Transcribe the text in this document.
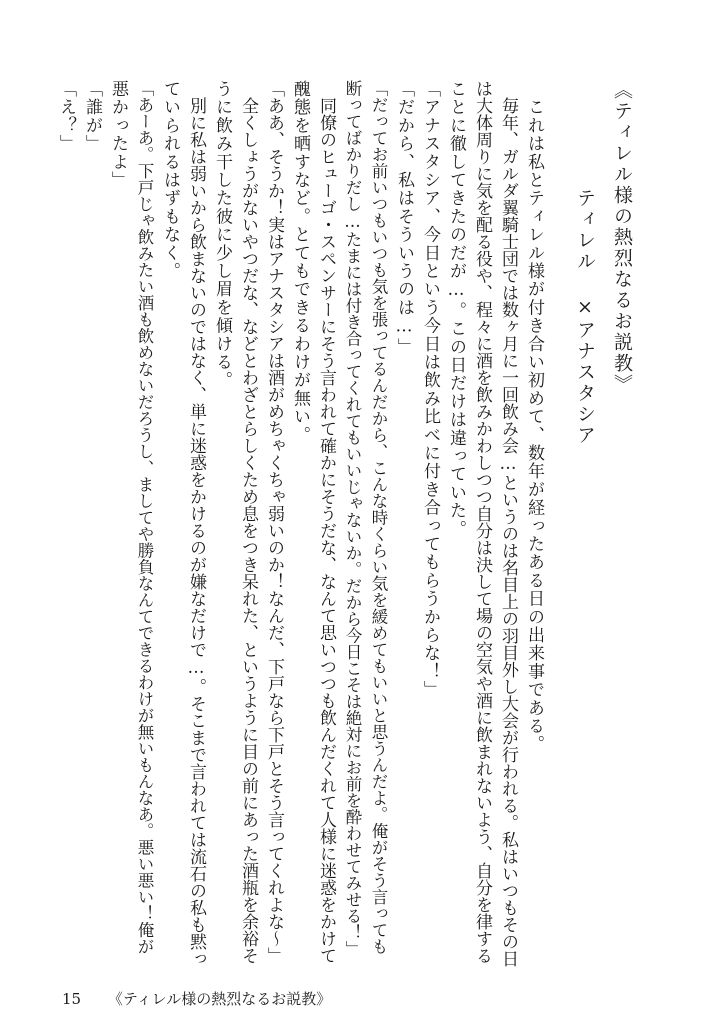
《ティレル様の熱烈なるお説教》
ティレル ×アナスタシア
　これは私とティレル様が付き合い初めて、数年が経ったある日の出来事である。
　毎年、ガルダ翼騎士団では数ヶ月に一回飲み会…というのは名目上の羽目外し大会が行われる。私はいつもその日
は大体周りに気を配る役や、程々に酒を飲みかわしつつ自分は決して場の空気や酒に飲まれないよう、自分を律する
ことに徹してきたのだが…。この日だけは違っていた。
「アナスタシア、今日という今日は飲み比べに付き合ってもらうからな！」
「だから、私はそういうのは…」
「だってお前いつもいつも気を張ってるんだから、こんな時くらい気を緩めてもいいと思うんだよ。俺がそう言っても
断ってばかりだし…たまには付き合ってくれてもいいじゃないか。だから今日こそは絶対にお前を酔わせてみせる！」
　同僚のヒューゴ・スペンサーにそう言われて確かにそうだな、なんて思いつつも飲んだくれて人様に迷惑をかけて
醜態を晒すなど。とてもできるわけが無い。
「ああ、そうか！実はアナスタシアは酒がめちゃくちゃ弱いのか！なんだ、下戸なら下戸とそう言ってくれよな～」
　全くしょうがないやつだな、などとわざとらしくため息をつき呆れた、というように目の前にあった酒瓶を余裕そ
うに飲み干した彼に少し眉を傾ける。
　別に私は弱いから飲まないのではなく、単に迷惑をかけるのが嫌なだけで…。そこまで言われては流石の私も黙っ
ていられるはずもなく。
「あーあ。下戸じゃ飲みたい酒も飲めないだろうし、ましてや勝負なんてできるわけが無いもんなあ。悪い悪い！俺が
悪かったよ」
「誰が」
「え？」
15 《ティレル様の熱烈なるお説教》
